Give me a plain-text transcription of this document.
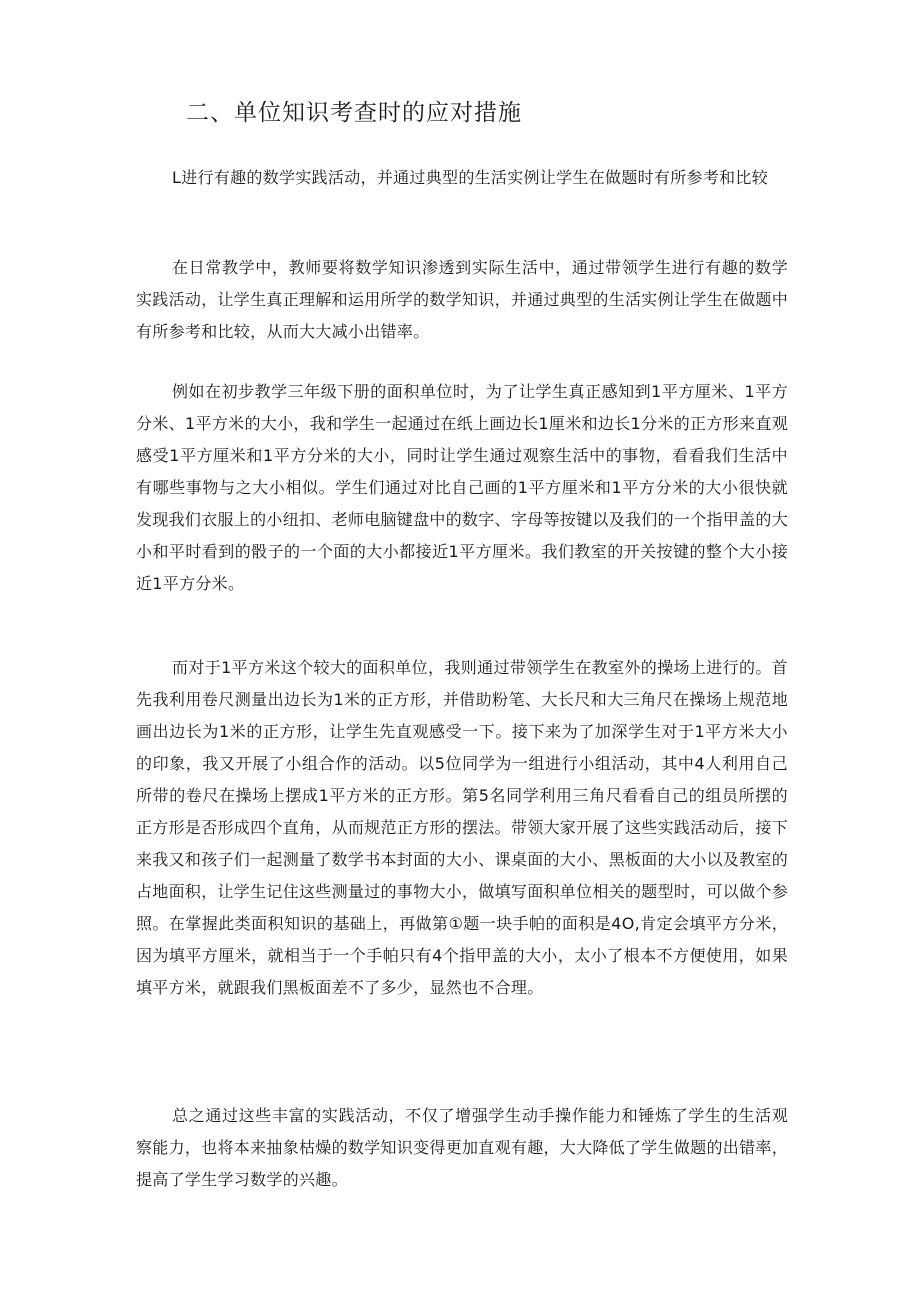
二、单位知识考查时的应对措施

L进行有趣的数学实践活动，并通过典型的生活实例让学生在做题时有所参考和比较

在日常教学中，教师要将数学知识渗透到实际生活中，通过带领学生进行有趣的数学实践活动，让学生真正理解和运用所学的数学知识，并通过典型的生活实例让学生在做题中有所参考和比较，从而大大减小出错率。

例如在初步教学三年级下册的面积单位时，为了让学生真正感知到1平方厘米、1平方分米、1平方米的大小，我和学生一起通过在纸上画边长1厘米和边长1分米的正方形来直观感受1平方厘米和1平方分米的大小，同时让学生通过观察生活中的事物，看看我们生活中有哪些事物与之大小相似。学生们通过对比自己画的1平方厘米和1平方分米的大小很快就发现我们衣服上的小纽扣、老师电脑键盘中的数字、字母等按键以及我们的一个指甲盖的大小和平时看到的骰子的一个面的大小都接近1平方厘米。我们教室的开关按键的整个大小接近1平方分米。

而对于1平方米这个较大的面积单位，我则通过带领学生在教室外的操场上进行的。首先我利用卷尺测量出边长为1米的正方形，并借助粉笔、大长尺和大三角尺在操场上规范地画出边长为1米的正方形，让学生先直观感受一下。接下来为了加深学生对于1平方米大小的印象，我又开展了小组合作的活动。以5位同学为一组进行小组活动，其中4人利用自己所带的卷尺在操场上摆成1平方米的正方形。第5名同学利用三角尺看看自己的组员所摆的正方形是否形成四个直角，从而规范正方形的摆法。带领大家开展了这些实践活动后，接下来我又和孩子们一起测量了数学书本封面的大小、课桌面的大小、黑板面的大小以及教室的占地面积，让学生记住这些测量过的事物大小，做填写面积单位相关的题型时，可以做个参照。在掌握此类面积知识的基础上，再做第①题一块手帕的面积是4O,肯定会填平方分米，因为填平方厘米，就相当于一个手帕只有4个指甲盖的大小，太小了根本不方便使用，如果填平方米，就跟我们黑板面差不了多少，显然也不合理。

总之通过这些丰富的实践活动，不仅了增强学生动手操作能力和锤炼了学生的生活观察能力，也将本来抽象枯燥的数学知识变得更加直观有趣，大大降低了学生做题的出错率，提高了学生学习数学的兴趣。
